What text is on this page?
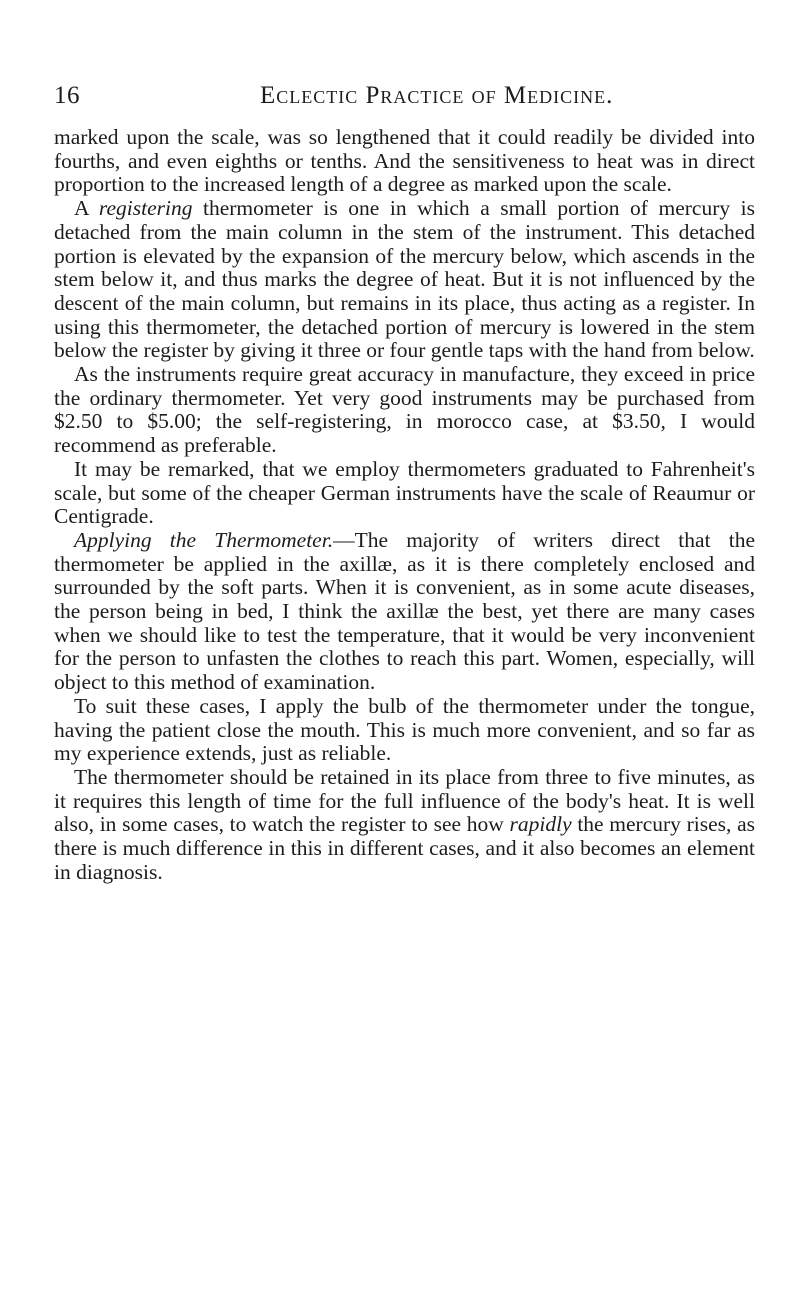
16	Eclectic Practice of Medicine.

marked upon the scale, was so lengthened that it could readily be divided into fourths, and even eighths or tenths. And the sensitiveness to heat was in direct proportion to the increased length of a degree as marked upon the scale.

A registering thermometer is one in which a small portion of mercury is detached from the main column in the stem of the instrument. This detached portion is elevated by the expansion of the mercury below, which ascends in the stem below it, and thus marks the degree of heat. But it is not influenced by the descent of the main column, but remains in its place, thus acting as a register. In using this thermometer, the detached portion of mercury is lowered in the stem below the register by giving it three or four gentle taps with the hand from below.

As the instruments require great accuracy in manufacture, they exceed in price the ordinary thermometer. Yet very good instruments may be purchased from $2.50 to $5.00; the self-registering, in morocco case, at $3.50, I would recommend as preferable.

It may be remarked, that we employ thermometers graduated to Fahrenheit's scale, but some of the cheaper German instruments have the scale of Reaumur or Centigrade.

Applying the Thermometer.—The majority of writers direct that the thermometer be applied in the axillæ, as it is there completely enclosed and surrounded by the soft parts. When it is convenient, as in some acute diseases, the person being in bed, I think the axillæ the best, yet there are many cases when we should like to test the temperature, that it would be very inconvenient for the person to unfasten the clothes to reach this part. Women, especially, will object to this method of examination.

To suit these cases, I apply the bulb of the thermometer under the tongue, having the patient close the mouth. This is much more convenient, and so far as my experience extends, just as reliable.

The thermometer should be retained in its place from three to five minutes, as it requires this length of time for the full influence of the body's heat. It is well also, in some cases, to watch the register to see how rapidly the mercury rises, as there is much difference in this in different cases, and it also becomes an element in diagnosis.
